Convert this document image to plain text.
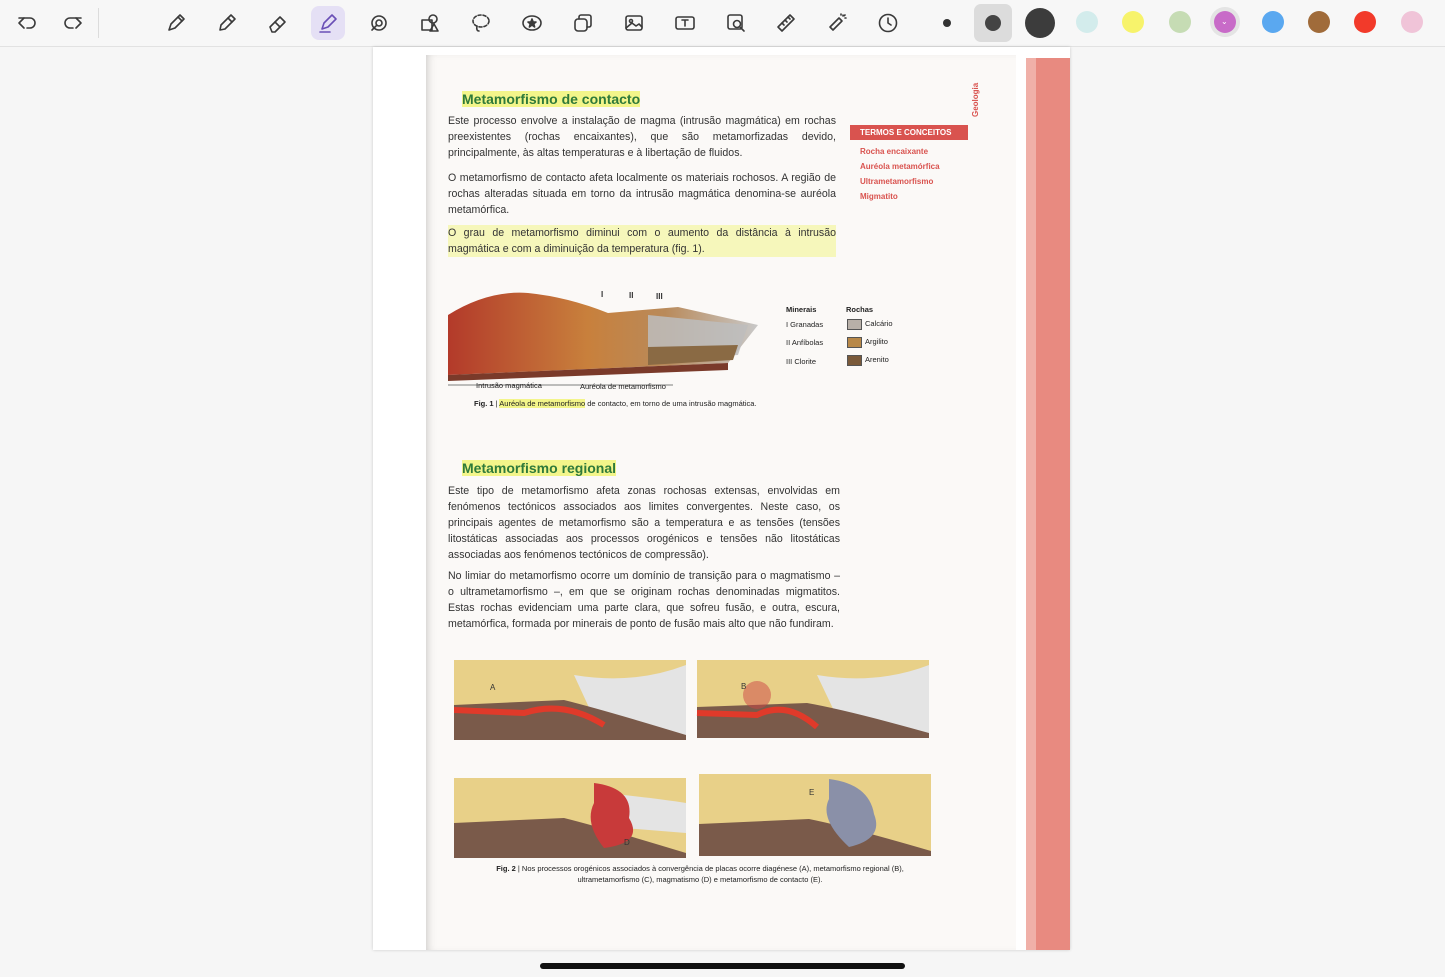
⌄
Geologia
Metamorfismo de contacto
Este processo envolve a instalação de magma (intrusão magmática) em rochas preexistentes (rochas encaixantes), que são metamorfizadas devido, principalmente, às altas temperaturas e à libertação de fluidos.
O metamorfismo de contacto afeta localmente os materiais rochosos. A região de rochas alteradas situada em torno da intrusão magmática denomina-se auréola metamórfica.
O grau de metamorfismo diminui com o aumento da distância à intrusão magmática e com a diminuição da temperatura (fig. 1).
TERMOS E CONCEITOS
Rocha encaixante
Auréola metamórfica
Ultrametamorfismo
Migmatito
I	II	III
Intrusão magmática	Auréola de metamorfismo
Minerais
I Granadas
II Anfíbolas
III Clorite
Rochas
Calcário
Argilito
Arenito
Fig. 1 | Auréola de metamorfismo de contacto, em torno de uma intrusão magmática.
Metamorfismo regional
Este tipo de metamorfismo afeta zonas rochosas extensas, envolvidas em fenómenos tectónicos associados aos limites convergentes. Neste caso, os principais agentes de metamorfismo são a temperatura e as tensões (tensões litostáticas associadas aos processos orogénicos e tensões não litostáticas associadas aos fenómenos tectónicos de compressão).
No limiar do metamorfismo ocorre um domínio de transição para o magmatismo – o ultrametamorfismo –, em que se originam rochas denominadas migmatitos. Estas rochas evidenciam uma parte clara, que sofreu fusão, e outra, escura, metamórfica, formada por minerais de ponto de fusão mais alto que não fundiram.
A	B
D
E
Fig. 2 | Nos processos orogénicos associados à convergência de placas ocorre diagénese (A), metamorfismo regional (B), ultrametamorfismo (C), magmatismo (D) e metamorfismo de contacto (E).
